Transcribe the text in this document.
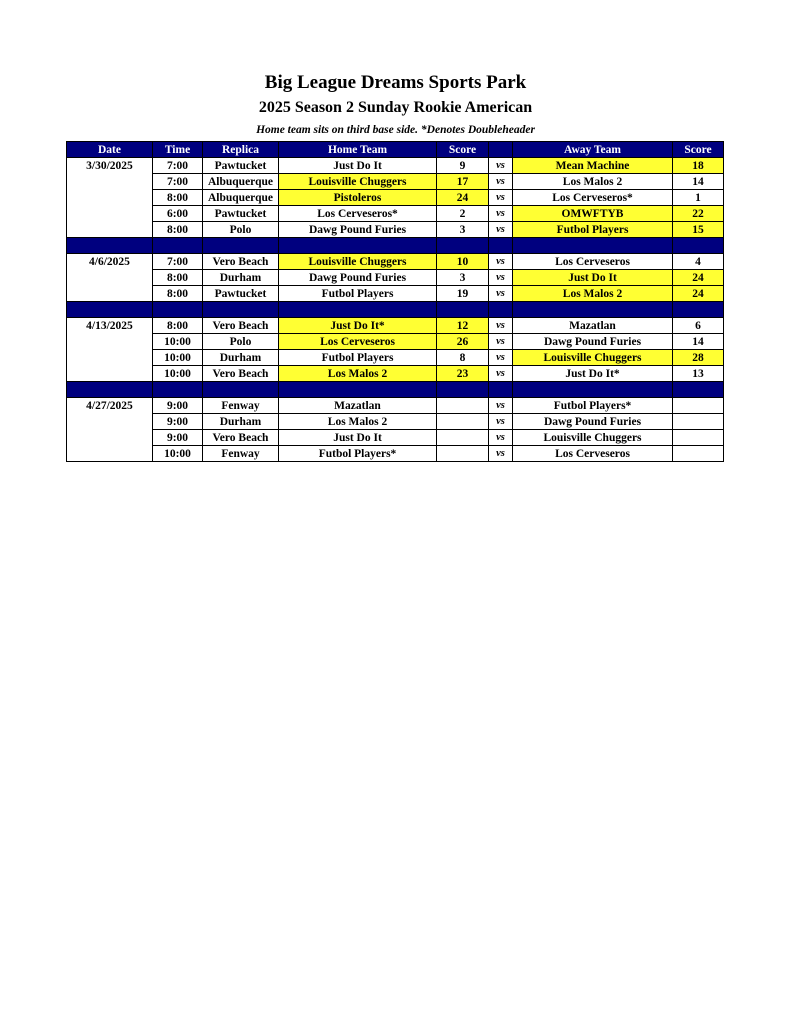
Big League Dreams Sports Park
2025 Season 2 Sunday Rookie American
Home team sits on third base side. *Denotes Doubleheader
Date	Time	Replica	Home Team	Score		Away Team	Score
3/30/2025	7:00	Pawtucket	Just Do It	9	vs	Mean Machine	18
	7:00	Albuquerque	Louisville Chuggers	17	vs	Los Malos 2	14
	8:00	Albuquerque	Pistoleros	24	vs	Los Cerveseros*	1
	6:00	Pawtucket	Los Cerveseros*	2	vs	OMWFTYB	22
	8:00	Polo	Dawg Pound Furies	3	vs	Futbol Players	15

4/6/2025	7:00	Vero Beach	Louisville Chuggers	10	vs	Los Cerveseros	4
	8:00	Durham	Dawg Pound Furies	3	vs	Just Do It	24
	8:00	Pawtucket	Futbol Players	19	vs	Los Malos 2	24

4/13/2025	8:00	Vero Beach	Just Do It*	12	vs	Mazatlan	6
	10:00	Polo	Los Cerveseros	26	vs	Dawg Pound Furies	14
	10:00	Durham	Futbol Players	8	vs	Louisville Chuggers	28
	10:00	Vero Beach	Los Malos 2	23	vs	Just Do It*	13

4/27/2025	9:00	Fenway	Mazatlan		vs	Futbol Players*	
	9:00	Durham	Los Malos 2		vs	Dawg Pound Furies	
	9:00	Vero Beach	Just Do It		vs	Louisville Chuggers	
	10:00	Fenway	Futbol Players*		vs	Los Cerveseros	
